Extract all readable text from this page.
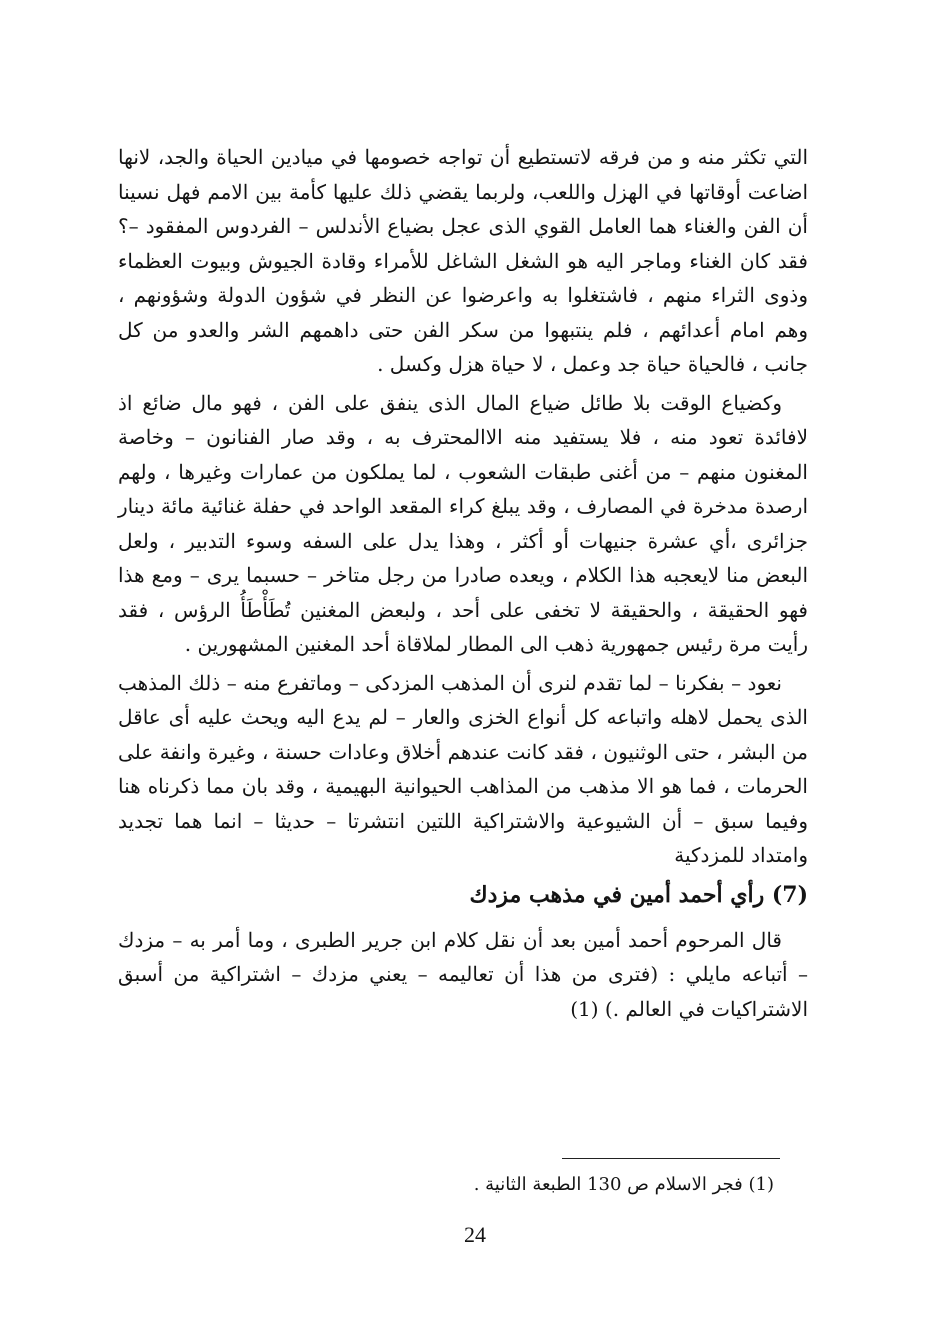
التي تكثر منه و من فرقه لاتستطيع أن تواجه خصومها في ميادين الحياة والجد، لانها اضاعت أوقاتها في الهزل واللعب، ولربما يقضي ذلك عليها كأمة بين الامم فهل نسينا أن الفن والغناء هما العامل القوي الذى عجل بضياع الأندلس – الفردوس المفقود –؟ فقد كان الغناء وماجر اليه هو الشغل الشاغل للأمراء وقادة الجيوش وبيوت العظماء وذوى الثراء منهم ، فاشتغلوا به واعرضوا عن النظر في شؤون الدولة وشؤونهم ، وهم امام أعدائهم ، فلم ينتبهوا من سكر الفن حتى داهمهم الشر والعدو من كل جانب ، فالحياة حياة جد وعمل ، لا حياة هزل وكسل .

وكضياع الوقت بلا طائل ضياع المال الذى ينفق على الفن ، فهو مال ضائع اذ لافائدة تعود منه ، فلا يستفيد منه الاالمحترف به ، وقد صار الفنانون – وخاصة المغنون منهم – من أغنى طبقات الشعوب ، لما يملكون من عمارات وغيرها ، ولهم ارصدة مدخرة في المصارف ، وقد يبلغ كراء المقعد الواحد في حفلة غنائية مائة دينار جزائرى ،أي عشرة جنيهات أو أكثر ، وهذا يدل على السفه وسوء التدبير ، ولعل البعض منا لايعجبه هذا الكلام ، ويعده صادرا من رجل متاخر – حسبما يرى – ومع هذا فهو الحقيقة ، والحقيقة لا تخفى على أحد ، ولبعض المغنين تُطَأْطَأُ الرؤس ، فقد رأيت مرة رئيس جمهورية ذهب الى المطار لملاقاة أحد المغنين المشهورين .

نعود – بفكرنا – لما تقدم لنرى أن المذهب المزدكى – وماتفرع منه – ذلك المذهب الذى يحمل لاهله واتباعه كل أنواع الخزى والعار – لم يدع اليه ويحث عليه أى عاقل من البشر ، حتى الوثنيون ، فقد كانت عندهم أخلاق وعادات حسنة ، وغيرة وانفة على الحرمات ، فما هو الا مذهب من المذاهب الحيوانية البهيمية ، وقد بان مما ذكرناه هنا وفيما سبق – أن الشيوعية والاشتراكية اللتين انتشرتا – حديثا – انما هما تجديد وامتداد للمزدكية

(7) رأي أحمد أمين في مذهب مزدك

قال المرحوم أحمد أمين بعد أن نقل كلام ابن جرير الطبرى ، وما أمر به – مزدك – أتباعه مايلي : (فترى من هذا أن تعاليمه – يعني مزدك – اشتراكية من أسبق الاشتراكيات في العالم .) (1)

(1) فجر الاسلام ص 130 الطبعة الثانية .

24
